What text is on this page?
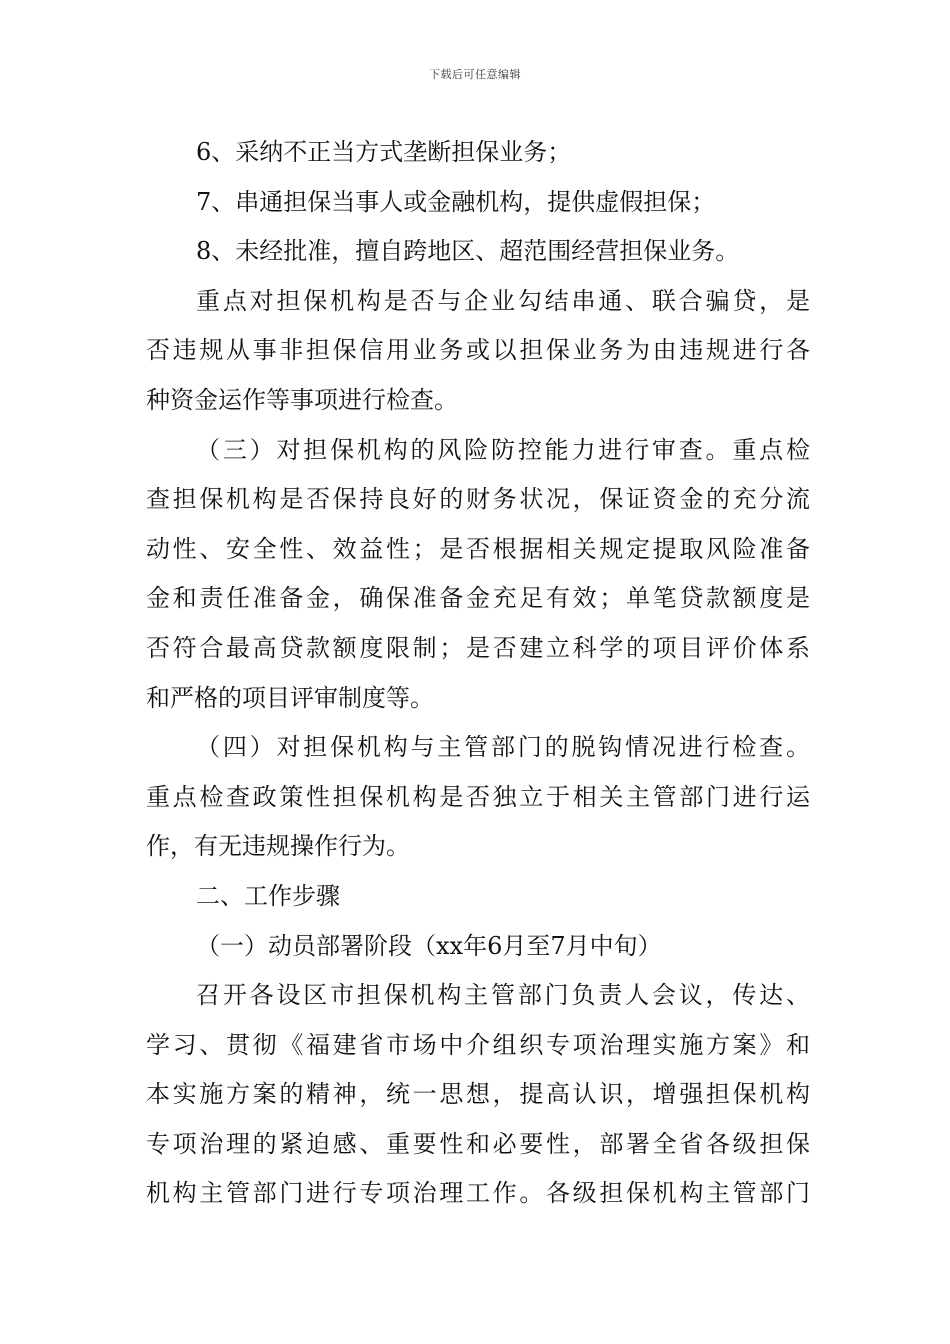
下载后可任意编辑
6、采纳不正当方式垄断担保业务；
7、串通担保当事人或金融机构，提供虚假担保；
8、未经批准，擅自跨地区、超范围经营担保业务。
重点对担保机构是否与企业勾结串通、联合骗贷，是
否违规从事非担保信用业务或以担保业务为由违规进行各
种资金运作等事项进行检查。
（三）对担保机构的风险防控能力进行审查。重点检
查担保机构是否保持良好的财务状况，保证资金的充分流
动性、安全性、效益性；是否根据相关规定提取风险准备
金和责任准备金，确保准备金充足有效；单笔贷款额度是
否符合最高贷款额度限制；是否建立科学的项目评价体系
和严格的项目评审制度等。
（四）对担保机构与主管部门的脱钩情况进行检查。
重点检查政策性担保机构是否独立于相关主管部门进行运
作，有无违规操作行为。
二、工作步骤
（一）动员部署阶段（xx年6月至7月中旬）
召开各设区市担保机构主管部门负责人会议，传达、
学习、贯彻《福建省市场中介组织专项治理实施方案》和
本实施方案的精神，统一思想，提高认识，增强担保机构
专项治理的紧迫感、重要性和必要性，部署全省各级担保
机构主管部门进行专项治理工作。各级担保机构主管部门
